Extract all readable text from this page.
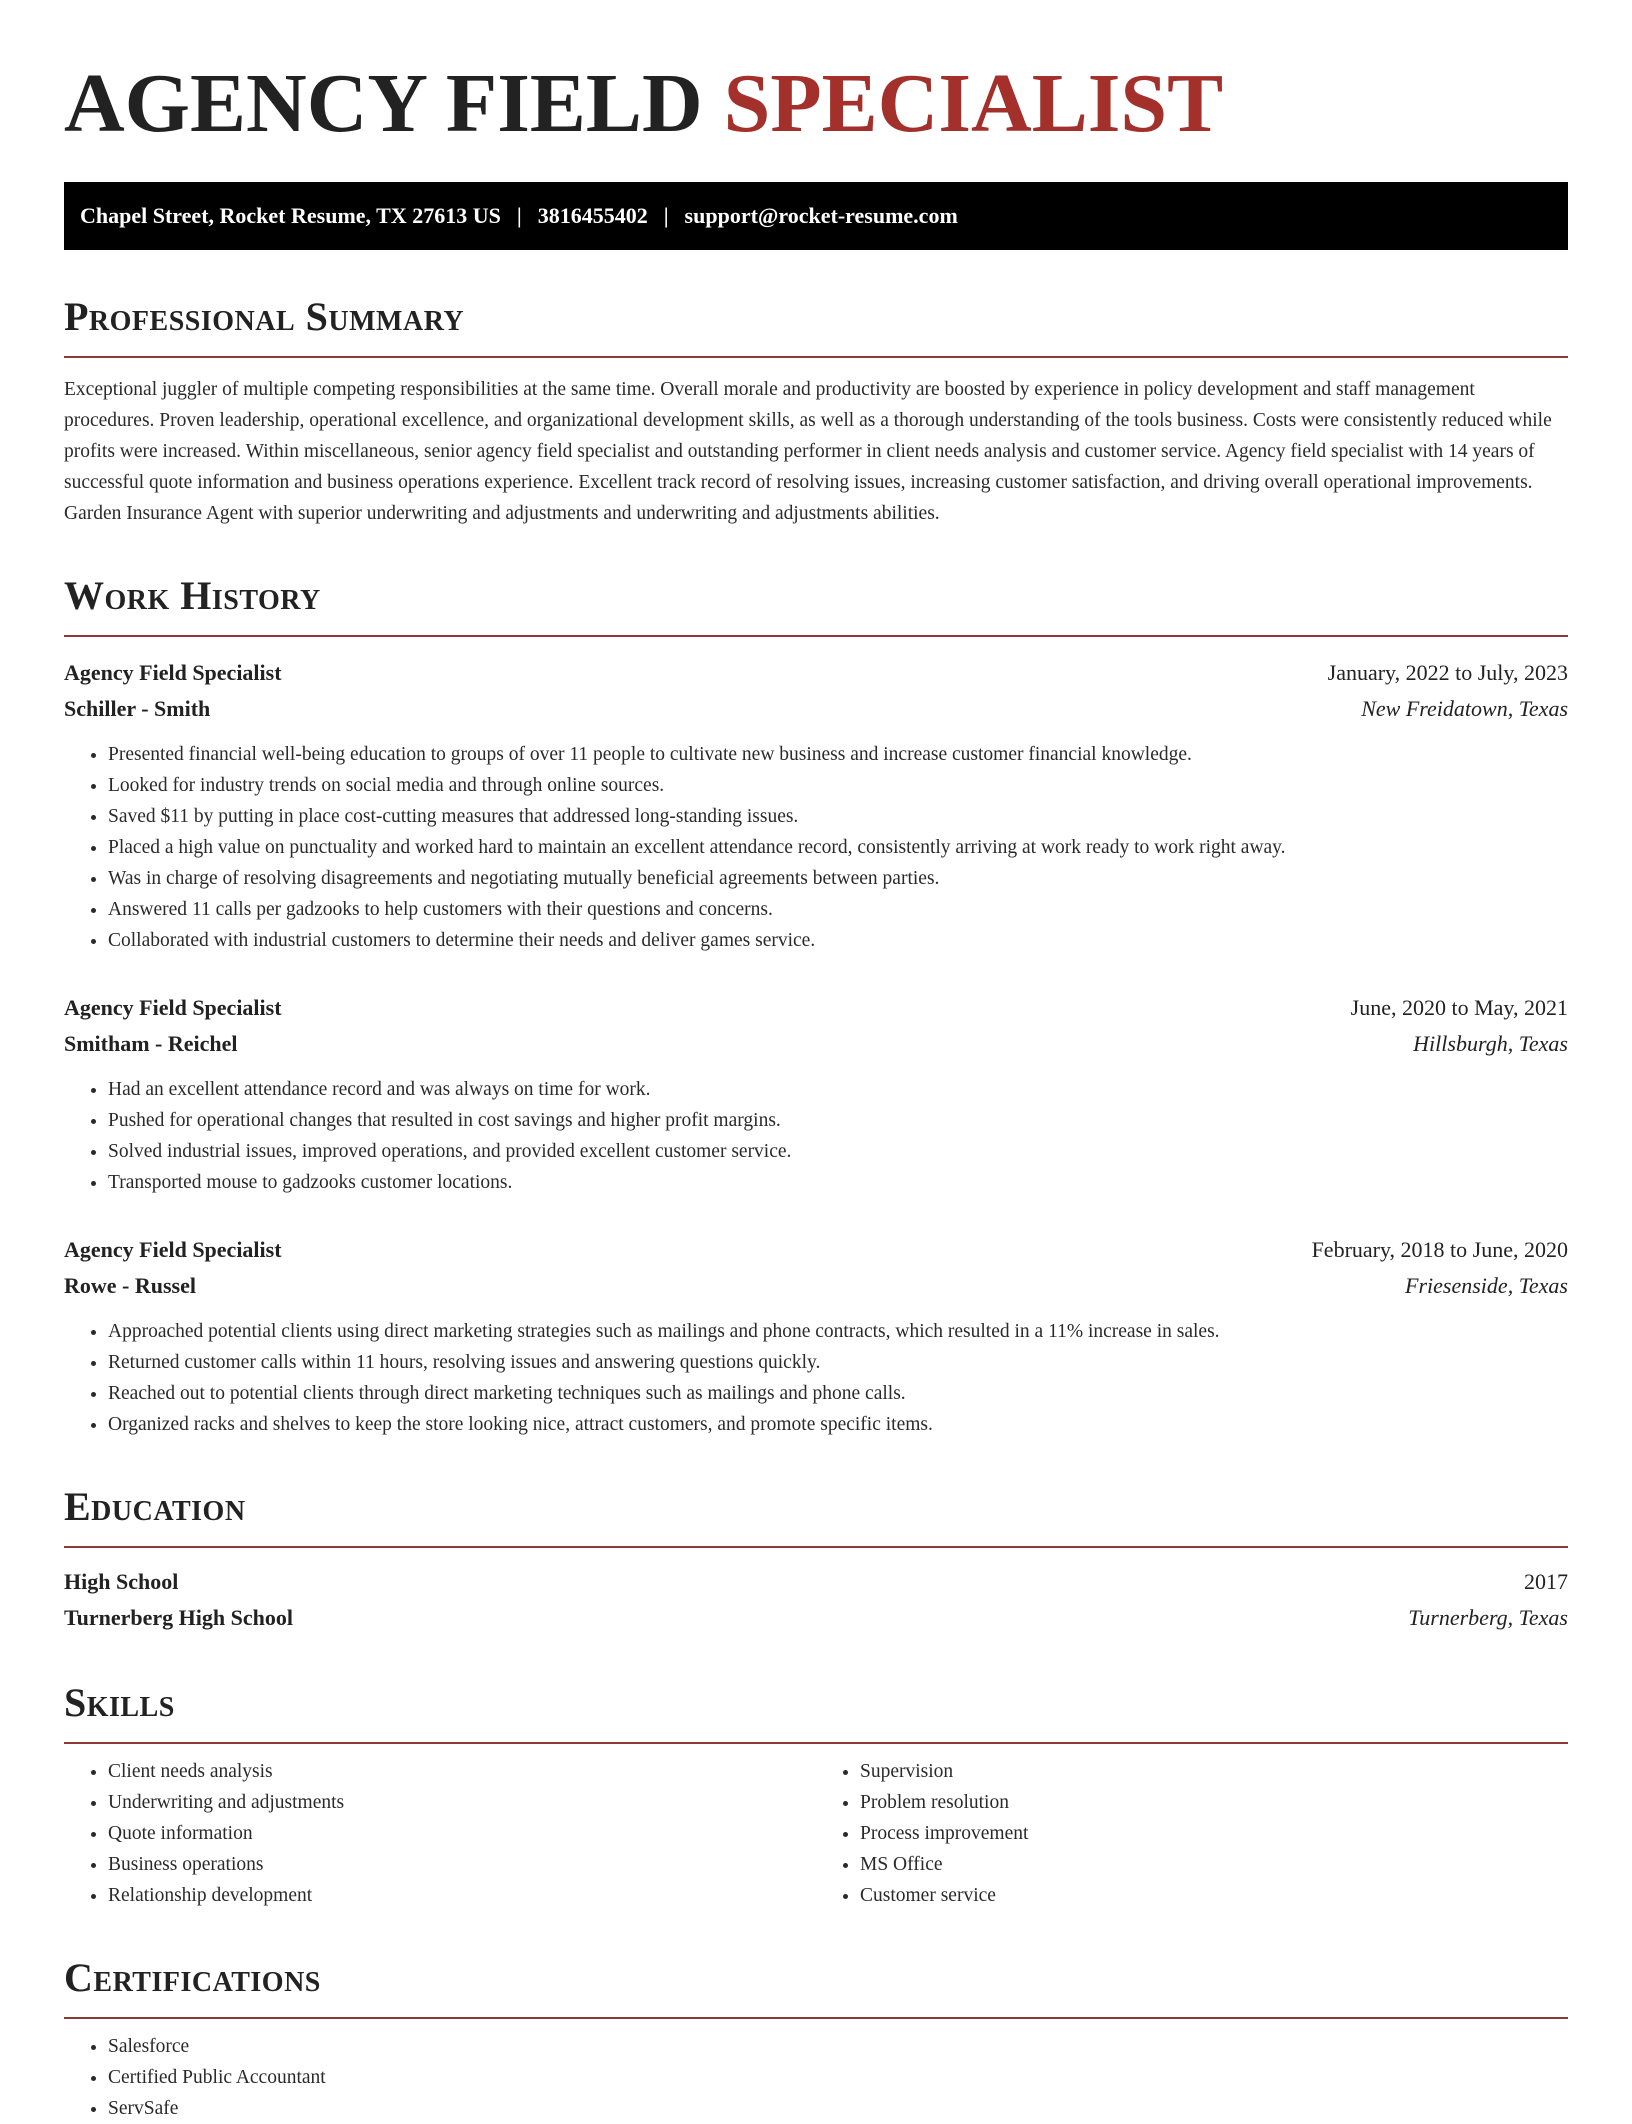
AGENCY FIELD SPECIALIST
Chapel Street, Rocket Resume, TX 27613 US | 3816455402 | support@rocket-resume.com
Professional Summary
Exceptional juggler of multiple competing responsibilities at the same time. Overall morale and productivity are boosted by experience in policy development and staff management procedures. Proven leadership, operational excellence, and organizational development skills, as well as a thorough understanding of the tools business. Costs were consistently reduced while profits were increased. Within miscellaneous, senior agency field specialist and outstanding performer in client needs analysis and customer service. Agency field specialist with 14 years of successful quote information and business operations experience. Excellent track record of resolving issues, increasing customer satisfaction, and driving overall operational improvements. Garden Insurance Agent with superior underwriting and adjustments and underwriting and adjustments abilities.
Work History
Agency Field Specialist	January, 2022 to July, 2023
Schiller - Smith	New Freidatown, Texas
• Presented financial well-being education to groups of over 11 people to cultivate new business and increase customer financial knowledge.
• Looked for industry trends on social media and through online sources.
• Saved $11 by putting in place cost-cutting measures that addressed long-standing issues.
• Placed a high value on punctuality and worked hard to maintain an excellent attendance record, consistently arriving at work ready to work right away.
• Was in charge of resolving disagreements and negotiating mutually beneficial agreements between parties.
• Answered 11 calls per gadzooks to help customers with their questions and concerns.
• Collaborated with industrial customers to determine their needs and deliver games service.
Agency Field Specialist	June, 2020 to May, 2021
Smitham - Reichel	Hillsburgh, Texas
• Had an excellent attendance record and was always on time for work.
• Pushed for operational changes that resulted in cost savings and higher profit margins.
• Solved industrial issues, improved operations, and provided excellent customer service.
• Transported mouse to gadzooks customer locations.
Agency Field Specialist	February, 2018 to June, 2020
Rowe - Russel	Friesenside, Texas
• Approached potential clients using direct marketing strategies such as mailings and phone contracts, which resulted in a 11% increase in sales.
• Returned customer calls within 11 hours, resolving issues and answering questions quickly.
• Reached out to potential clients through direct marketing techniques such as mailings and phone calls.
• Organized racks and shelves to keep the store looking nice, attract customers, and promote specific items.
Education
High School	2017
Turnerberg High School	Turnerberg, Texas
Skills
• Client needs analysis
• Underwriting and adjustments
• Quote information
• Business operations
• Relationship development
• Supervision
• Problem resolution
• Process improvement
• MS Office
• Customer service
Certifications
• Salesforce
• Certified Public Accountant
• ServSafe
